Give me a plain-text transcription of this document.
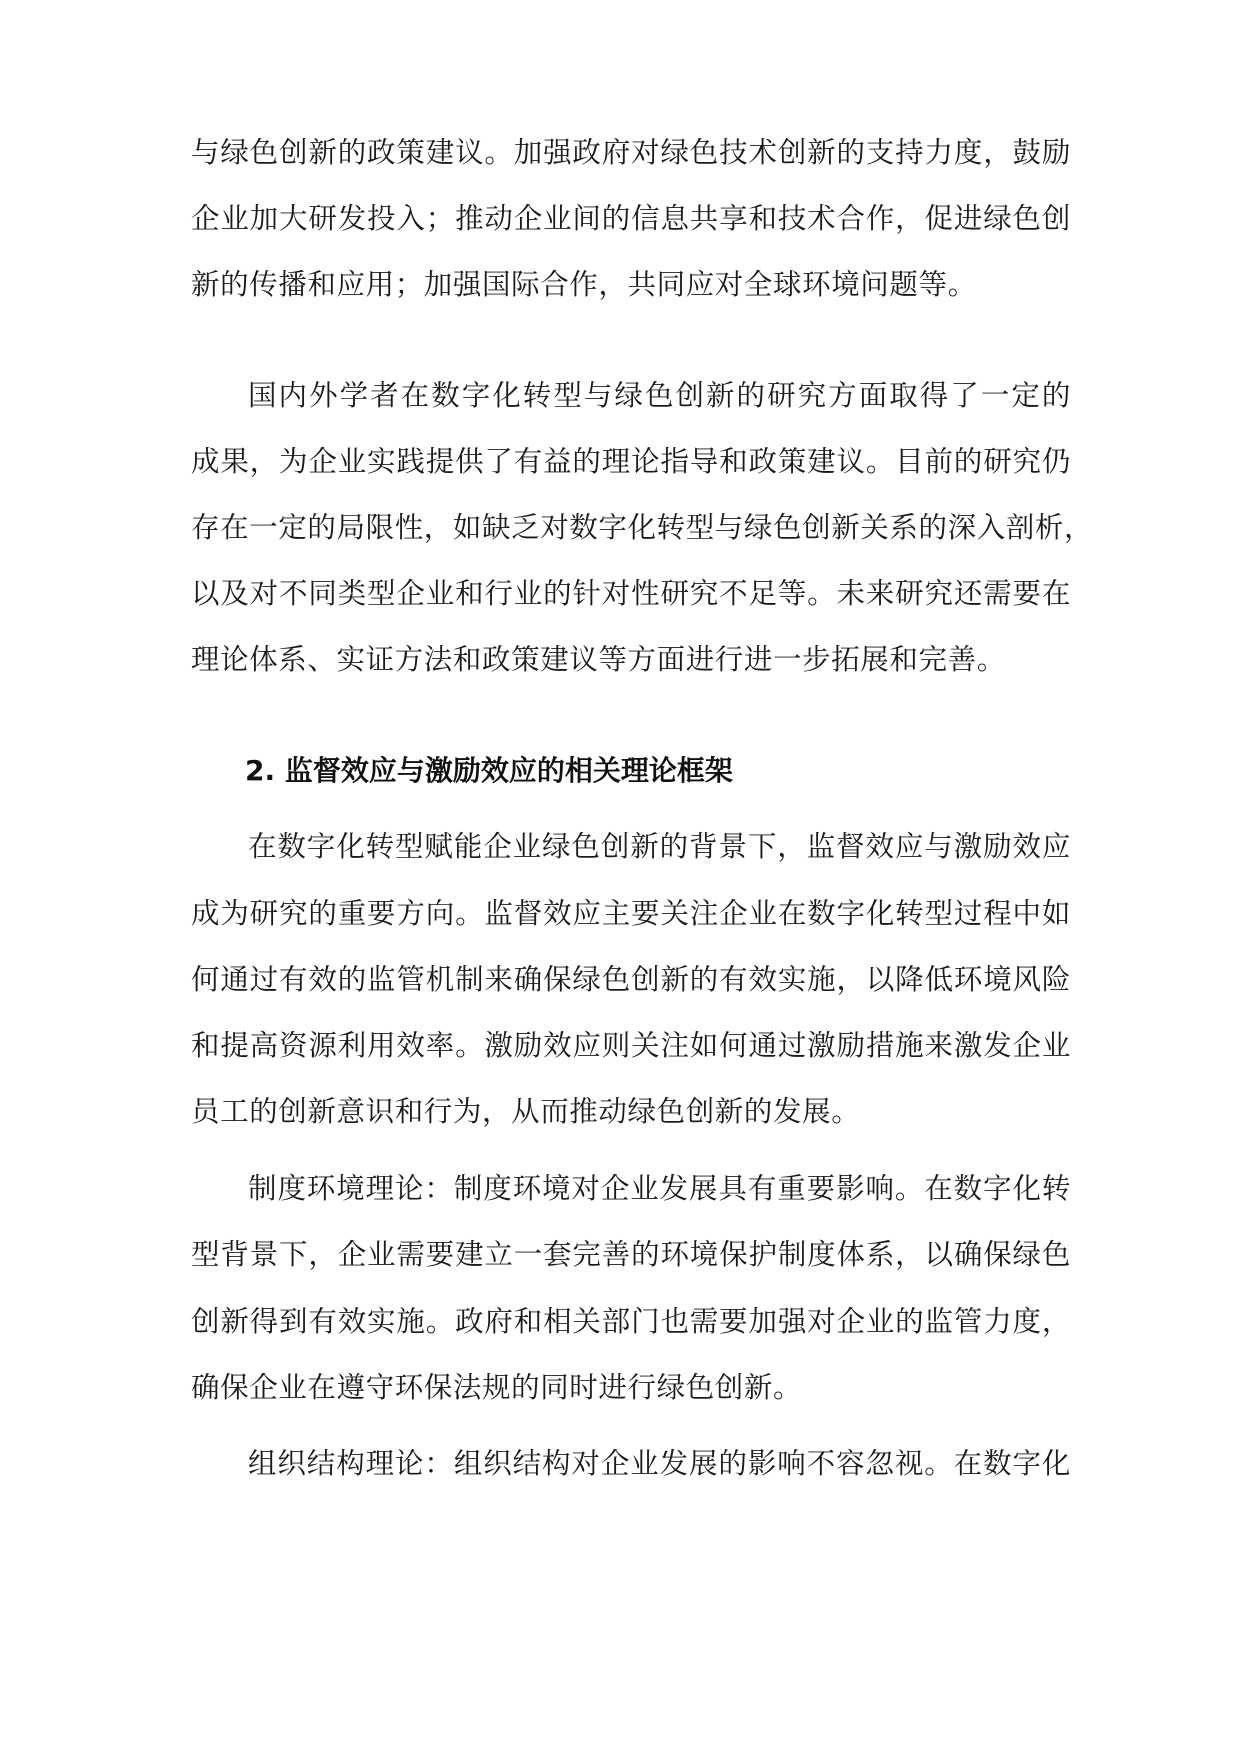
与绿色创新的政策建议。加强政府对绿色技术创新的支持力度，鼓励
企业加大研发投入；推动企业间的信息共享和技术合作，促进绿色创
新的传播和应用；加强国际合作，共同应对全球环境问题等。
国内外学者在数字化转型与绿色创新的研究方面取得了一定的
成果，为企业实践提供了有益的理论指导和政策建议。目前的研究仍
存在一定的局限性，如缺乏对数字化转型与绿色创新关系的深入剖析，
以及对不同类型企业和行业的针对性研究不足等。未来研究还需要在
理论体系、实证方法和政策建议等方面进行进一步拓展和完善。
2. 监督效应与激励效应的相关理论框架
在数字化转型赋能企业绿色创新的背景下，监督效应与激励效应
成为研究的重要方向。监督效应主要关注企业在数字化转型过程中如
何通过有效的监管机制来确保绿色创新的有效实施，以降低环境风险
和提高资源利用效率。激励效应则关注如何通过激励措施来激发企业
员工的创新意识和行为，从而推动绿色创新的发展。
制度环境理论：制度环境对企业发展具有重要影响。在数字化转
型背景下，企业需要建立一套完善的环境保护制度体系，以确保绿色
创新得到有效实施。政府和相关部门也需要加强对企业的监管力度，
确保企业在遵守环保法规的同时进行绿色创新。
组织结构理论：组织结构对企业发展的影响不容忽视。在数字化
